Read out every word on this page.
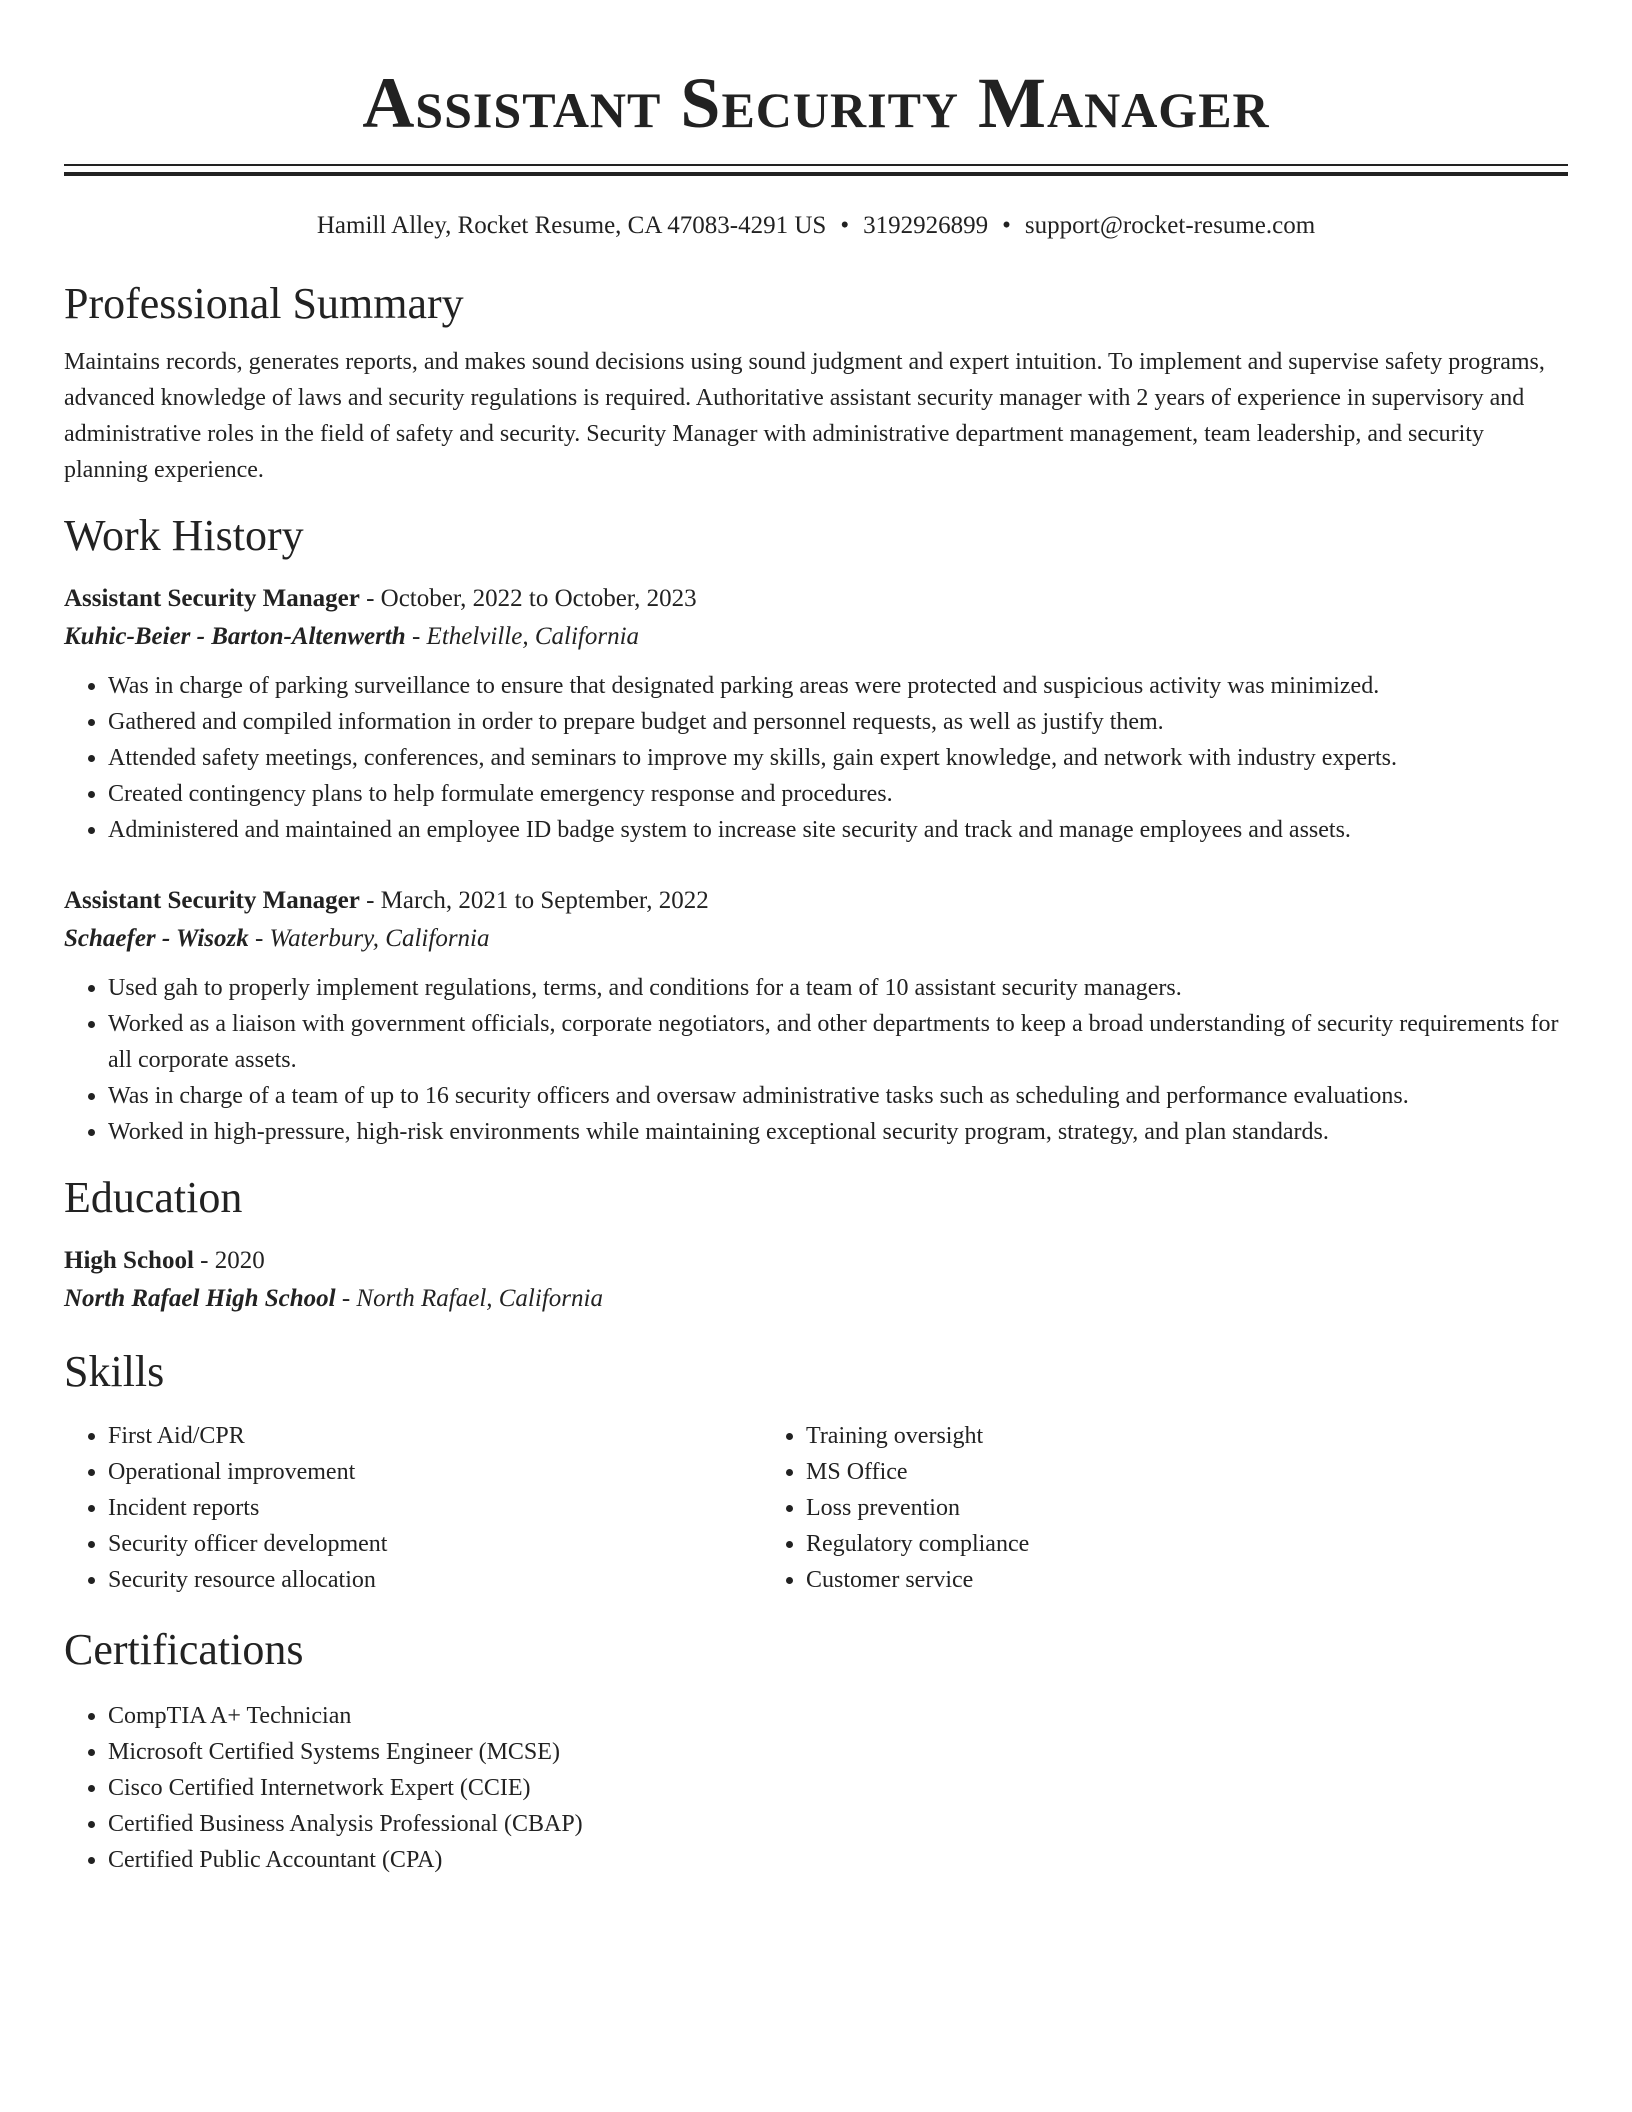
Assistant Security Manager
Hamill Alley, Rocket Resume, CA 47083-4291 US • 3192926899 • support@rocket-resume.com
Professional Summary
Maintains records, generates reports, and makes sound decisions using sound judgment and expert intuition. To implement and supervise safety programs, advanced knowledge of laws and security regulations is required. Authoritative assistant security manager with 2 years of experience in supervisory and administrative roles in the field of safety and security. Security Manager with administrative department management, team leadership, and security planning experience.
Work History
Assistant Security Manager - October, 2022 to October, 2023
Kuhic-Beier - Barton-Altenwerth - Ethelville, California
• Was in charge of parking surveillance to ensure that designated parking areas were protected and suspicious activity was minimized.
• Gathered and compiled information in order to prepare budget and personnel requests, as well as justify them.
• Attended safety meetings, conferences, and seminars to improve my skills, gain expert knowledge, and network with industry experts.
• Created contingency plans to help formulate emergency response and procedures.
• Administered and maintained an employee ID badge system to increase site security and track and manage employees and assets.
Assistant Security Manager - March, 2021 to September, 2022
Schaefer - Wisozk - Waterbury, California
• Used gah to properly implement regulations, terms, and conditions for a team of 10 assistant security managers.
• Worked as a liaison with government officials, corporate negotiators, and other departments to keep a broad understanding of security requirements for all corporate assets.
• Was in charge of a team of up to 16 security officers and oversaw administrative tasks such as scheduling and performance evaluations.
• Worked in high-pressure, high-risk environments while maintaining exceptional security program, strategy, and plan standards.
Education
High School - 2020
North Rafael High School - North Rafael, California
Skills
• First Aid/CPR
• Operational improvement
• Incident reports
• Security officer development
• Security resource allocation
• Training oversight
• MS Office
• Loss prevention
• Regulatory compliance
• Customer service
Certifications
• CompTIA A+ Technician
• Microsoft Certified Systems Engineer (MCSE)
• Cisco Certified Internetwork Expert (CCIE)
• Certified Business Analysis Professional (CBAP)
• Certified Public Accountant (CPA)
